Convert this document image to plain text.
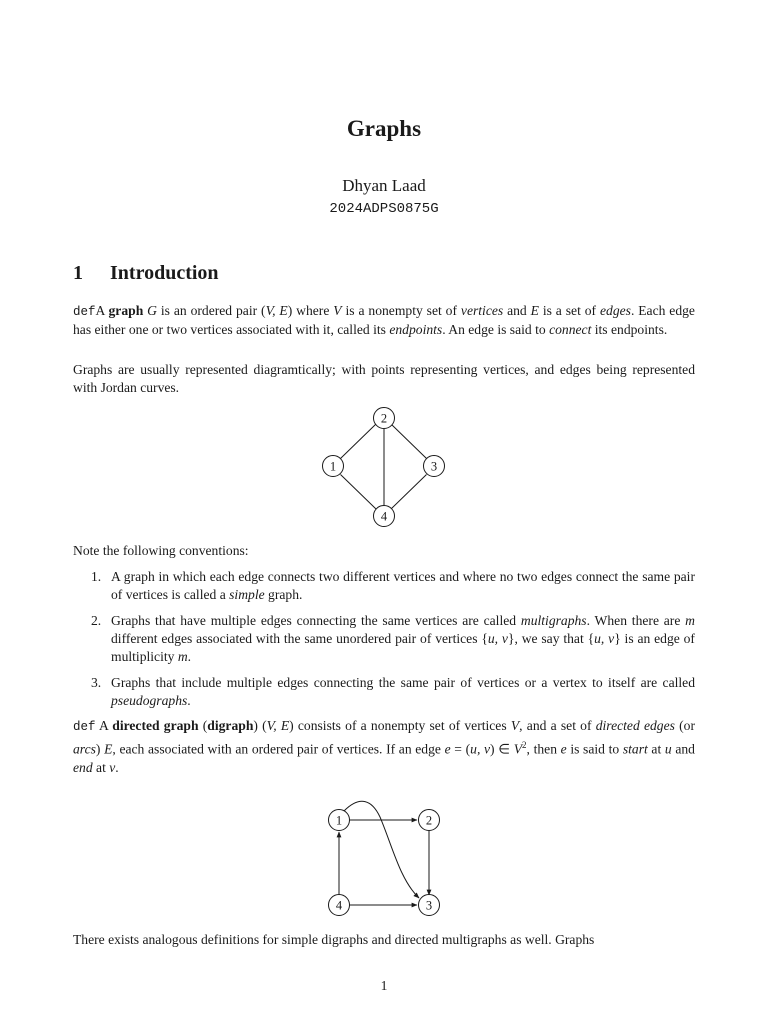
Graphs
Dhyan Laad
2024ADPS0875G
1 Introduction
defA graph G is an ordered pair (V, E) where V is a nonempty set of vertices and E is a set of edges. Each edge has either one or two vertices associated with it, called its endpoints. An edge is said to connect its endpoints.
Graphs are usually represented diagramtically; with points representing vertices, and edges being represented with Jordan curves.
1
2
3
4
Note the following conventions:
1. A graph in which each edge connects two different vertices and where no two edges connect the same pair of vertices is called a simple graph.
2. Graphs that have multiple edges connecting the same vertices are called multigraphs. When there are m different edges associated with the same unordered pair of vertices {u, v}, we say that {u, v} is an edge of multiplicity m.
3. Graphs that include multiple edges connecting the same pair of vertices or a vertex to itself are called pseudographs.
def A directed graph (digraph) (V, E) consists of a nonempty set of vertices V, and a set of directed edges (or arcs) E, each associated with an ordered pair of vertices. If an edge e = (u, v) ∈ $V^2$, then e is said to start at u and end at v.
1	2
3
4
There exists analogous definitions for simple digraphs and directed multigraphs as well. Graphs
1
